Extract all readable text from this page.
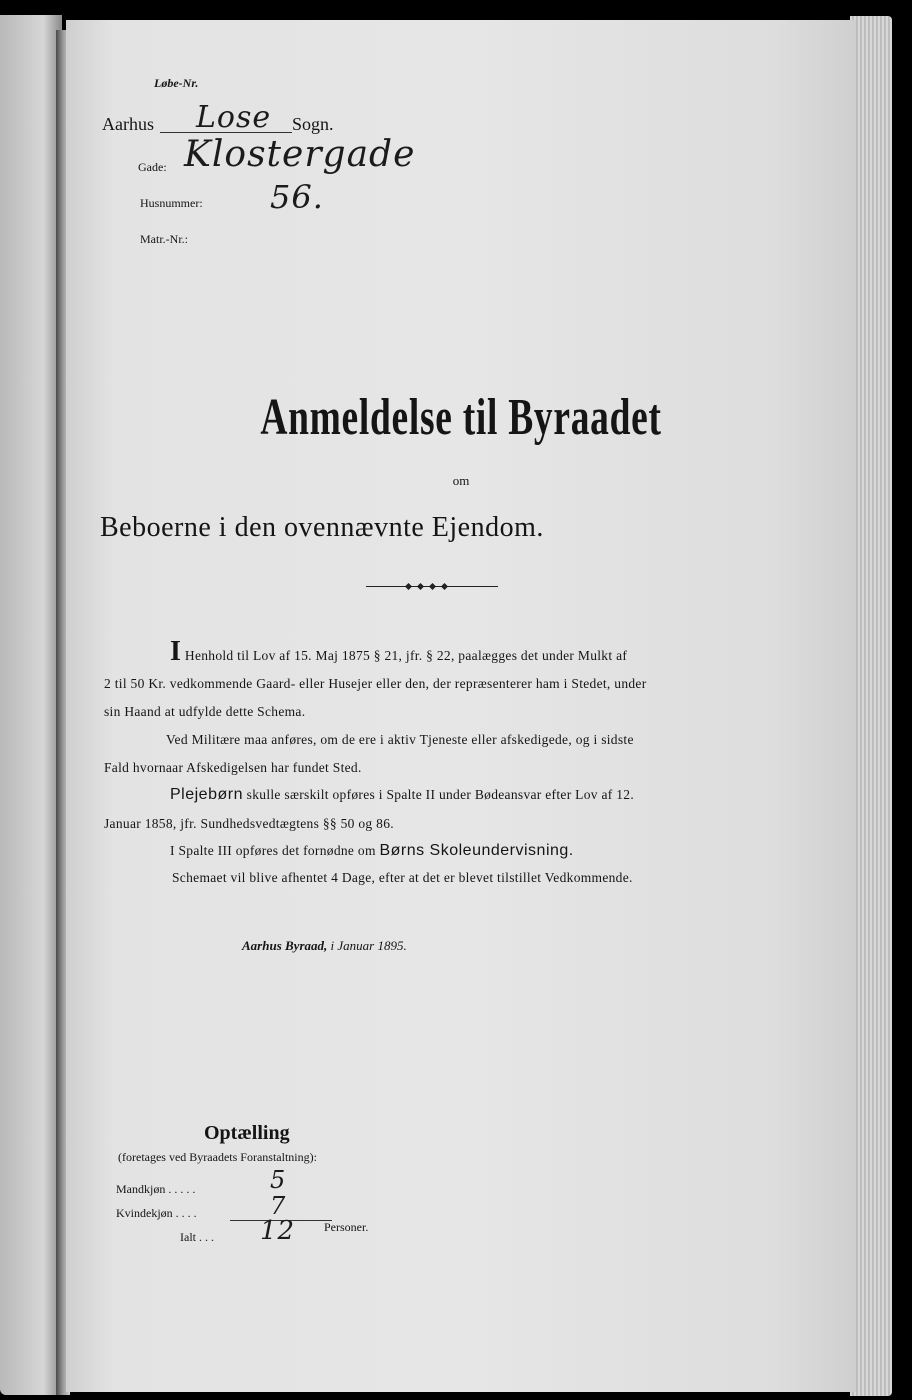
Løbe-Nr.
Aarhus Lose Sogn.
Gade: Klostergade
Husnummer: 56.
Matr.-Nr.:
Anmeldelse til Byraadet
om
Beboerne i den ovennævnte Ejendom.
I Henhold til Lov af 15. Maj 1875 § 21, jfr. § 22, paalægges det under Mulkt af
2 til 50 Kr. vedkommende Gaard- eller Husejer eller den, der repræsenterer ham i Stedet, under
sin Haand at udfylde dette Schema.
Ved Militære maa anføres, om de ere i aktiv Tjeneste eller afskedigede, og i sidste
Fald hvornaar Afskedigelsen har fundet Sted.
Plejebørn skulle særskilt opføres i Spalte II under Bødeansvar efter Lov af 12.
Januar 1858, jfr. Sundhedsvedtægtens §§ 50 og 86.
I Spalte III opføres det fornødne om Børns Skoleundervisning.
Schemaet vil blive afhentet 4 Dage, efter at det er blevet tilstillet Vedkommende.
Aarhus Byraad, i Januar 1895.
Optælling
(foretages ved Byraadets Foranstaltning):
Mandkjøn . . . . .	5
Kvindekjøn . . . .	7
Ialt . . . 12 Personer.
